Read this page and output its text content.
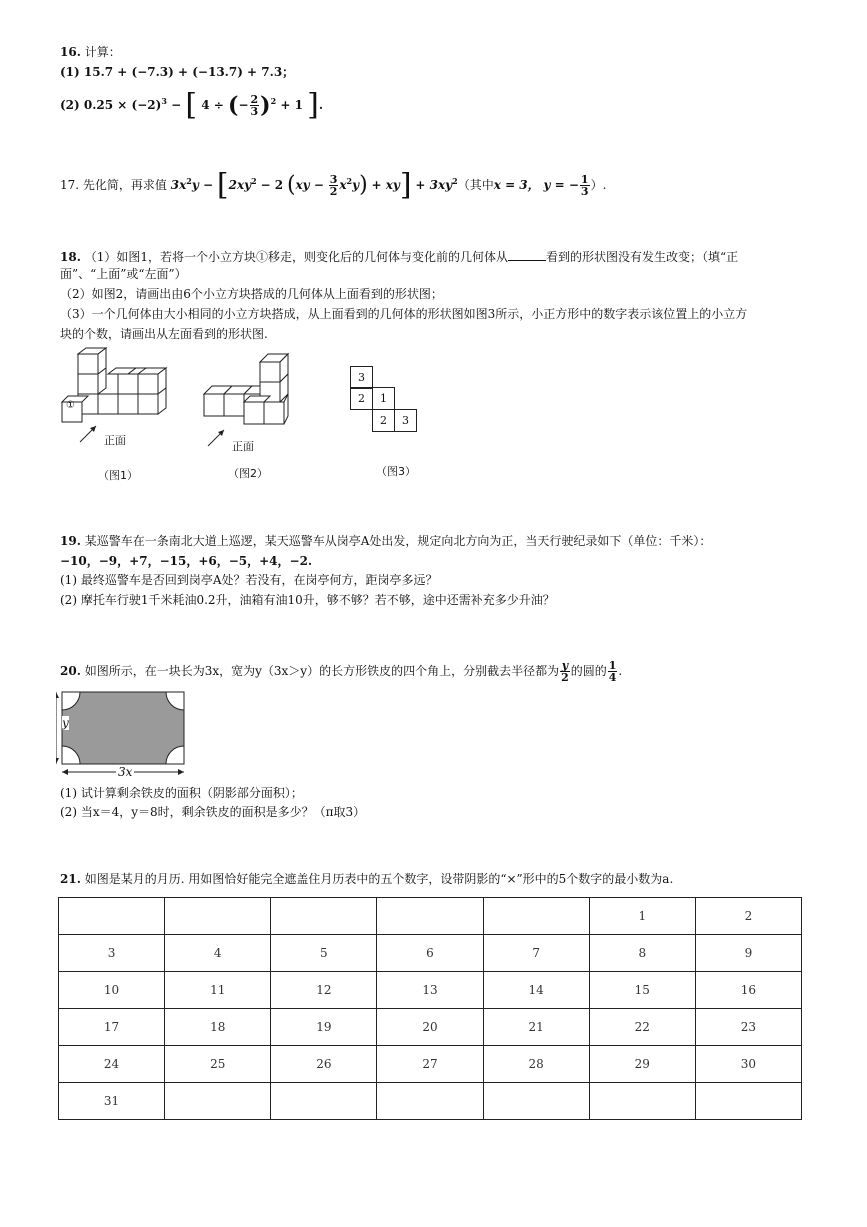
16. 计算：
(1) 15.7 + (−7.3) + (−13.7) + 7.3；
(2) $0.25 \times (-2)^3$ − [ 4 ÷ (− $\frac{2}{3} )^2 + 1$ ].
17. 先化简，再求值 $3x^2y - [2xy^2 - 2$ $(xy - \frac{3}{2} x^2y) + xy] + 3xy^2$（其中x = 3， y = − $\frac{1}{3}$ ）.
18. （1）如图1，若将一个小立方块①移走，则变化后的几何体与变化前的几何体从	看到的形状图没有发生改变；（填“正
面”、“上面”或“左面”）
（2）如图2，请画出由6个小立方块搭成的几何体从上面看到的形状图；
（3）一个几何体由大小相同的小立方块搭成，从上面看到的几何体的形状图如图3所示，小正方形中的数字表示该位置上的小立方
块的个数，请画出从左面看到的形状图.
①
正面
（图1）
正面
（图2）
3
2	1
2	3
（图3）
19. 某巡警车在一条南北大道上巡逻，某天巡警车从岗亭A处出发，规定向北方向为正，当天行驶纪录如下（单位：千米）：
−10，−9，+7，−15，+6，−5，+4，−2.
(1) 最终巡警车是否回到岗亭A处？若没有，在岗亭何方，距岗亭多远？
(2) 摩托车行驶1千米耗油0.2升，油箱有油10升，够不够？若不够，途中还需补充多少升油？
20. 如图所示，在一块长为3x，宽为y（3x＞y）的长方形铁皮的四个角上，分别截去半径都为 $\frac{y}{2}$ 的圆的 $\frac{1}{4}$ .
y
3x
(1) 试计算剩余铁皮的面积（阴影部分面积）；
(2) 当x＝4，y＝8时，剩余铁皮的面积是多少？（π取3）
21. 如图是某月的月历. 用如图恰好能完全遮盖住月历表中的五个数字，设带阴影的“×”形中的5个数字的最小数为a.
					1	2
3	4	5	6	7	8	9
10	11	12	13	14	15	16
17	18	19	20	21	22	23
24	25	26	27	28	29	30
31						
